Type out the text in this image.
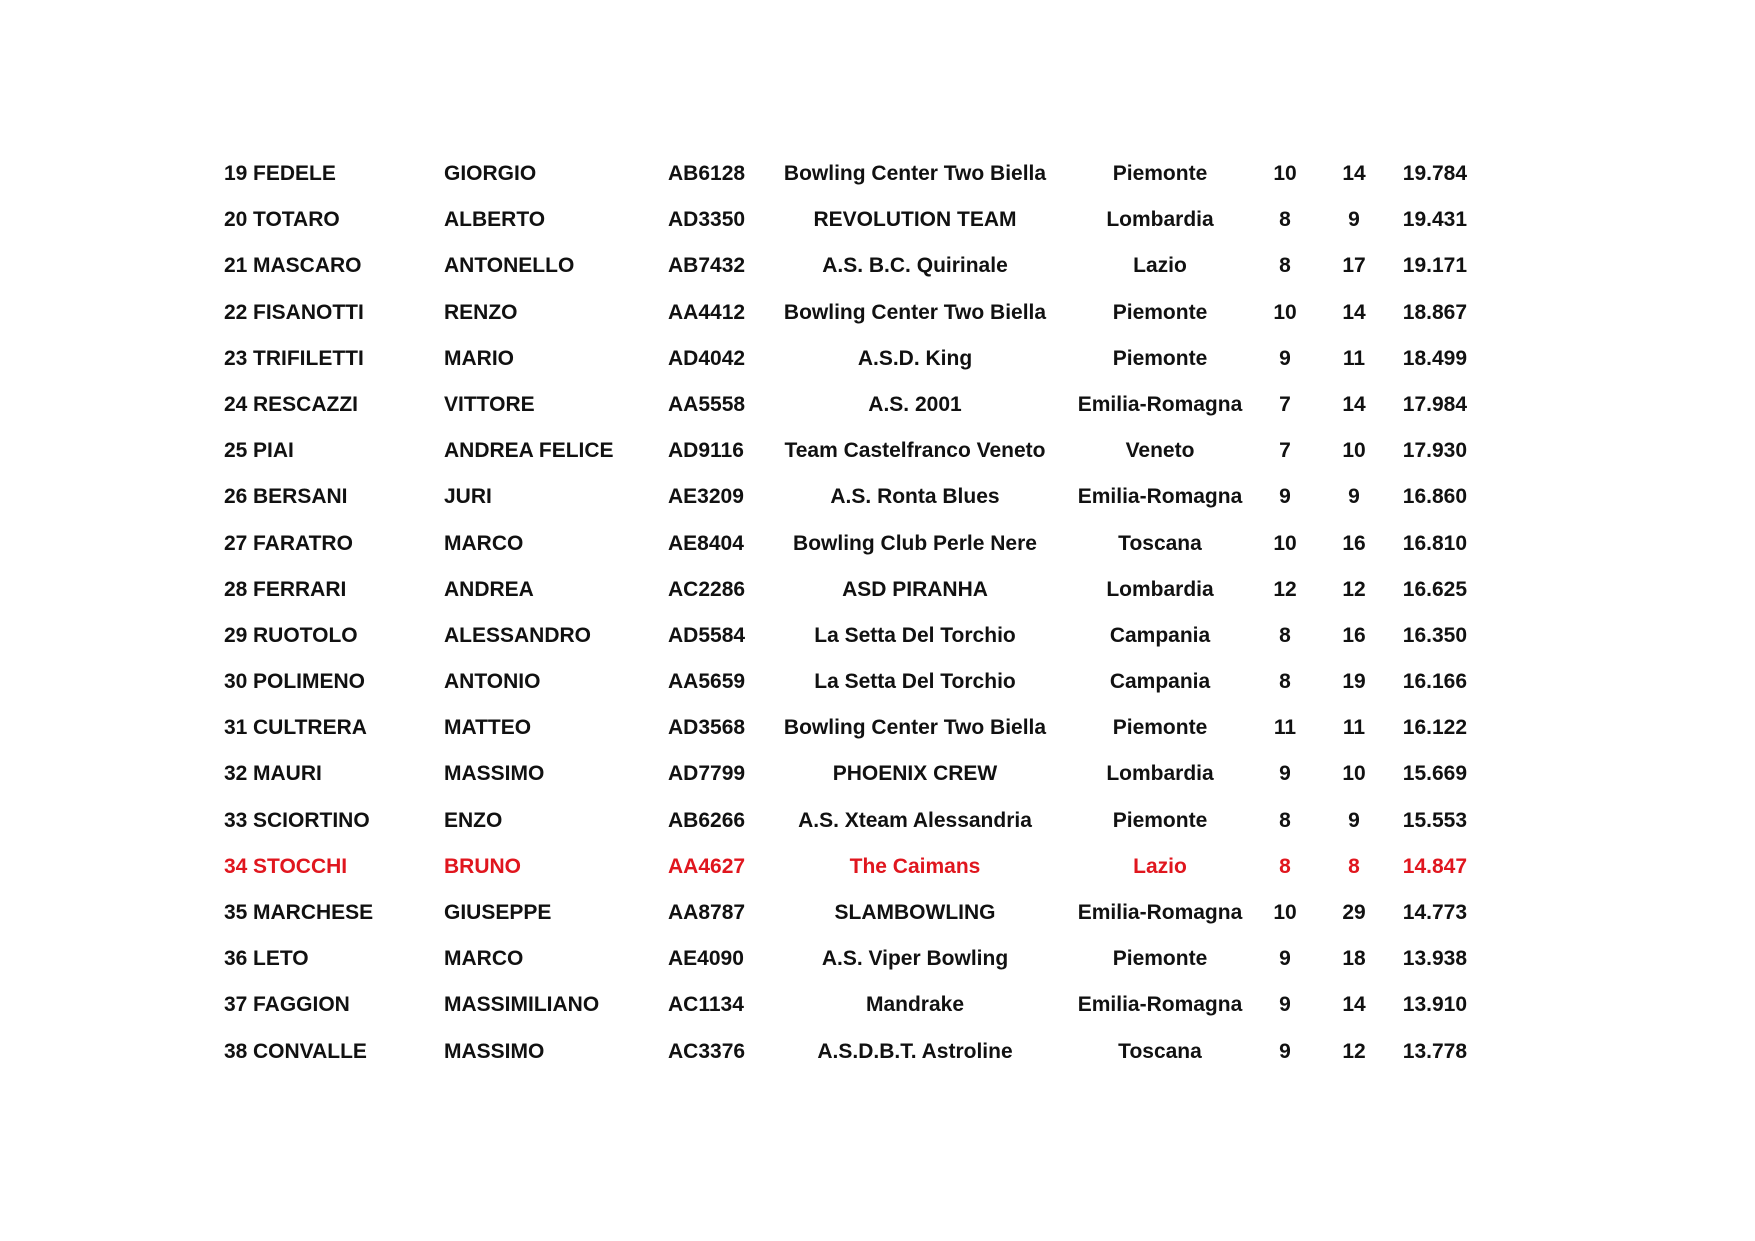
19 FEDELE	GIORGIO	AB6128	Bowling Center Two Biella	Piemonte	10	14	19.784
20 TOTARO	ALBERTO	AD3350	REVOLUTION TEAM	Lombardia	8	9	19.431
21 MASCARO	ANTONELLO	AB7432	A.S. B.C. Quirinale	Lazio	8	17	19.171
22 FISANOTTI	RENZO	AA4412	Bowling Center Two Biella	Piemonte	10	14	18.867
23 TRIFILETTI	MARIO	AD4042	A.S.D. King	Piemonte	9	11	18.499
24 RESCAZZI	VITTORE	AA5558	A.S. 2001	Emilia-Romagna	7	14	17.984
25 PIAI	ANDREA FELICE	AD9116	Team Castelfranco Veneto	Veneto	7	10	17.930
26 BERSANI	JURI	AE3209	A.S. Ronta Blues	Emilia-Romagna	9	9	16.860
27 FARATRO	MARCO	AE8404	Bowling Club Perle Nere	Toscana	10	16	16.810
28 FERRARI	ANDREA	AC2286	ASD PIRANHA	Lombardia	12	12	16.625
29 RUOTOLO	ALESSANDRO	AD5584	La Setta Del Torchio	Campania	8	16	16.350
30 POLIMENO	ANTONIO	AA5659	La Setta Del Torchio	Campania	8	19	16.166
31 CULTRERA	MATTEO	AD3568	Bowling Center Two Biella	Piemonte	11	11	16.122
32 MAURI	MASSIMO	AD7799	PHOENIX CREW	Lombardia	9	10	15.669
33 SCIORTINO	ENZO	AB6266	A.S. Xteam Alessandria	Piemonte	8	9	15.553
34 STOCCHI	BRUNO	AA4627	The Caimans	Lazio	8	8	14.847
35 MARCHESE	GIUSEPPE	AA8787	SLAMBOWLING	Emilia-Romagna	10	29	14.773
36 LETO	MARCO	AE4090	A.S. Viper Bowling	Piemonte	9	18	13.938
37 FAGGION	MASSIMILIANO	AC1134	Mandrake	Emilia-Romagna	9	14	13.910
38 CONVALLE	MASSIMO	AC3376	A.S.D.B.T. Astroline	Toscana	9	12	13.778
